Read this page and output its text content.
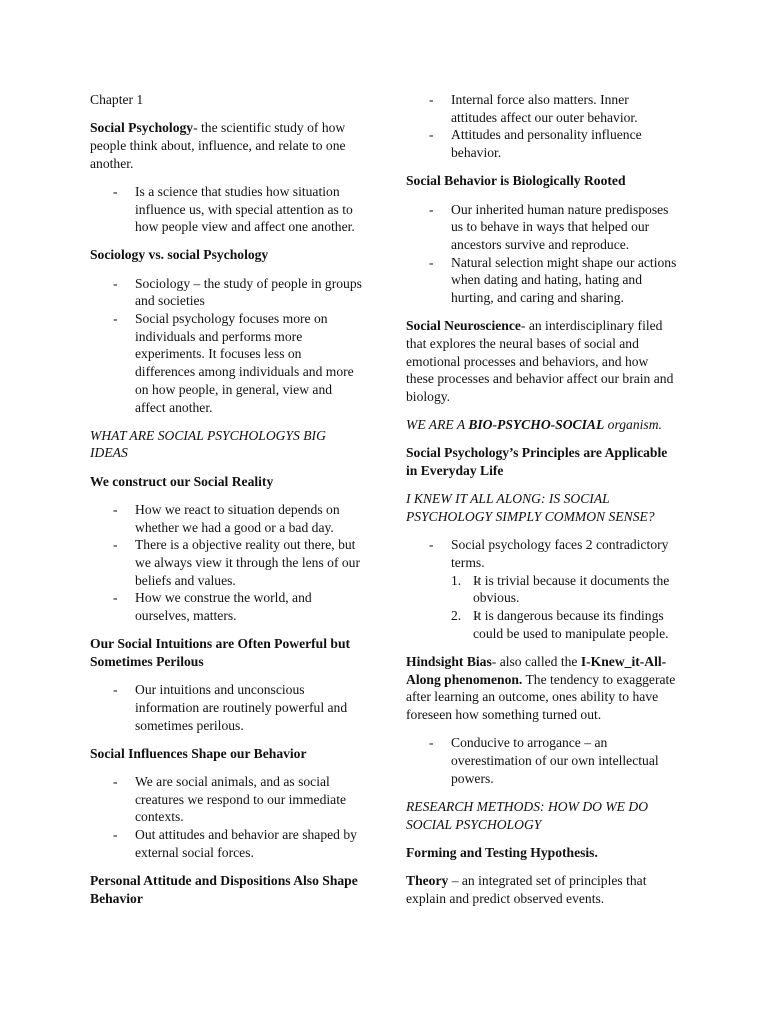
Chapter 1

Social Psychology- the scientific study of how people think about, influence, and relate to one another.

- Is a science that studies how situation influence us, with special attention as to how people view and affect one another.

Sociology vs. social Psychology

- Sociology – the study of people in groups and societies
- Social psychology focuses more on individuals and performs more experiments. It focuses less on differences among individuals and more on how people, in general, view and affect another.

WHAT ARE SOCIAL PSYCHOLOGYS BIG IDEAS

We construct our Social Reality

- How we react to situation depends on whether we had a good or a bad day.
- There is a objective reality out there, but we always view it through the lens of our beliefs and values.
- How we construe the world, and ourselves, matters.

Our Social Intuitions are Often Powerful but Sometimes Perilous

- Our intuitions and unconscious information are routinely powerful and sometimes perilous.

Social Influences Shape our Behavior

- We are social animals, and as social creatures we respond to our immediate contexts.
- Out attitudes and behavior are shaped by external social forces.

Personal Attitude and Dispositions Also Shape Behavior

- Internal force also matters. Inner attitudes affect our outer behavior.
- Attitudes and personality influence behavior.

Social Behavior is Biologically Rooted

- Our inherited human nature predisposes us to behave in ways that helped our ancestors survive and reproduce.
- Natural selection might shape our actions when dating and hating, hating and hurting, and caring and sharing.

Social Neuroscience- an interdisciplinary filed that explores the neural bases of social and emotional processes and behaviors, and how these processes and behavior affect our brain and biology.

WE ARE A BIO-PSYCHO-SOCIAL organism.

Social Psychology’s Principles are Applicable in Everyday Life

I KNEW IT ALL ALONG: IS SOCIAL PSYCHOLOGY SIMPLY COMMON SENSE?

- Social psychology faces 2 contradictory terms.
- 1. It is trivial because it documents the obvious.
- 2. It is dangerous because its findings could be used to manipulate people.

Hindsight Bias- also called the I-Knew_it-All-Along phenomenon. The tendency to exaggerate after learning an outcome, ones ability to have foreseen how something turned out.

- Conducive to arrogance – an overestimation of our own intellectual powers.

RESEARCH METHODS: HOW DO WE DO SOCIAL PSYCHOLOGY

Forming and Testing Hypothesis.

Theory – an integrated set of principles that explain and predict observed events.
